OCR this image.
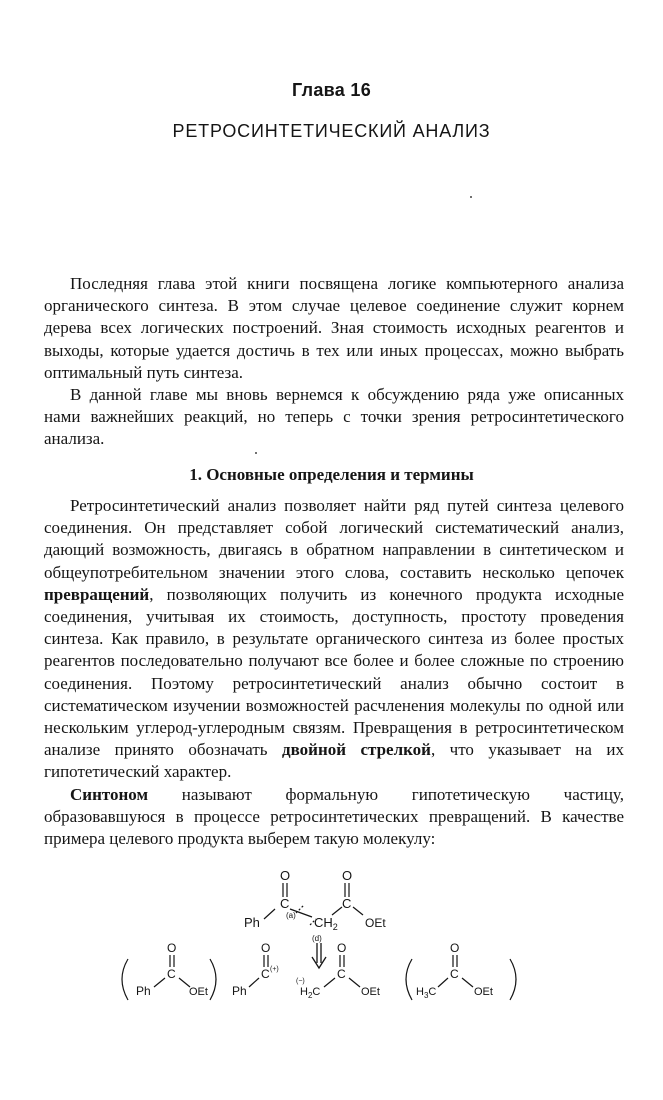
Глава 16
РЕТРОСИНТЕТИЧЕСКИЙ АНАЛИЗ

Последняя глава этой книги посвящена логике компьютерного анализа органического синтеза. В этом случае целевое соединение служит корнем дерева всех логических построений. Зная стоимость исходных реагентов и выходы, которые удается достичь в тех или иных процессах, можно выбрать оптимальный путь синтеза.

В данной главе мы вновь вернемся к обсуждению ряда уже описанных нами важнейших реакций, но теперь с точки зрения ретросинтетического анализа.

1. Основные определения и термины

Ретросинтетический анализ позволяет найти ряд путей синтеза целевого соединения. Он представляет собой логический систематический анализ, дающий возможность, двигаясь в обратном направлении в синтетическом и общеупотребительном значении этого слова, составить несколько цепочек превращений, позволяющих получить из конечного продукта исходные соединения, учитывая их стоимость, доступность, простоту проведения синтеза. Как правило, в результате органического синтеза из более простых реагентов последовательно получают все более и более сложные по строению соединения. Поэтому ретросинтетический анализ обычно состоит в систематическом изучении возможностей расчленения молекулы по одной или нескольким углерод-углеродным связям. Превращения в ретросинтетическом анализе принято обозначать двойной стрелкой, что указывает на их гипотетический характер.

Синтоном называют формальную гипотетическую частицу, образовавшуюся в процессе ретросинтетических превращений. В качестве примера целевого продукта выберем такую молекулу:

O
C
Ph	(a) $CH_2$
(d)
O
C
OEt
O
C
Ph	OEt
O
C (+)
Ph
(−)
$H_2C$
O
C
OEt	$H_3C$
O
C
OEt
